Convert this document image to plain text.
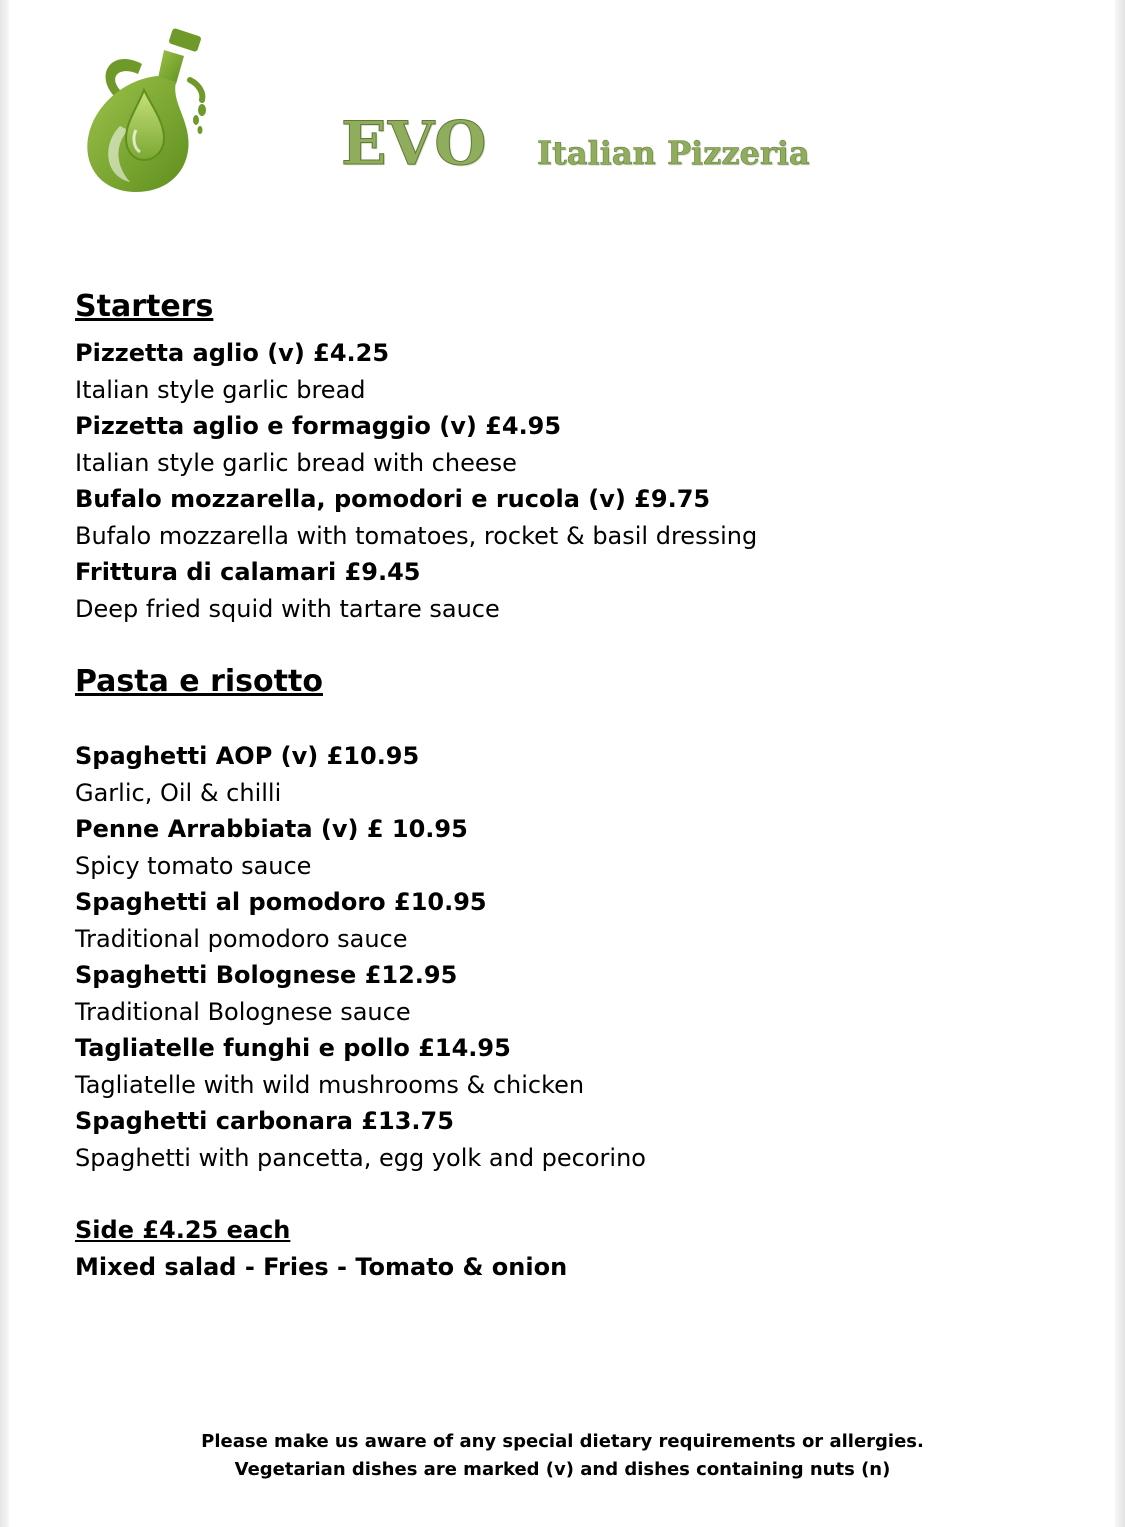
EVO Italian Pizzeria
Starters
Pizzetta aglio (v) £4.25
Italian style garlic bread
Pizzetta aglio e formaggio (v) £4.95
Italian style garlic bread with cheese
Bufalo mozzarella, pomodori e rucola (v) £9.75
Bufalo mozzarella with tomatoes, rocket & basil dressing
Frittura di calamari £9.45
Deep fried squid with tartare sauce
Pasta e risotto
Spaghetti AOP (v) £10.95
Garlic, Oil & chilli
Penne Arrabbiata (v) £ 10.95
Spicy tomato sauce
Spaghetti al pomodoro £10.95
Traditional pomodoro sauce
Spaghetti Bolognese £12.95
Traditional Bolognese sauce
Tagliatelle funghi e pollo £14.95
Tagliatelle with wild mushrooms & chicken
Spaghetti carbonara £13.75
Spaghetti with pancetta, egg yolk and pecorino
Side £4.25 each
Mixed salad - Fries - Tomato & onion
Please make us aware of any special dietary requirements or allergies.
Vegetarian dishes are marked (v) and dishes containing nuts (n)
